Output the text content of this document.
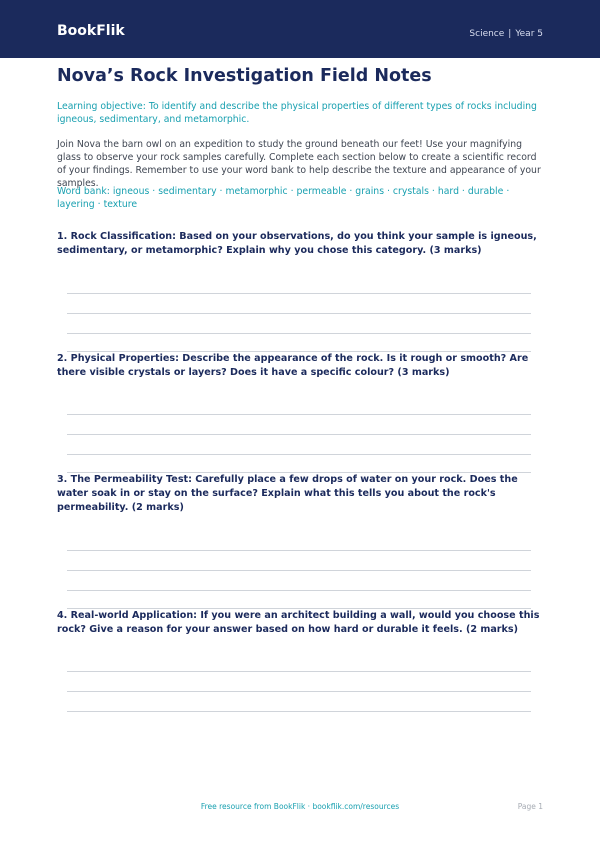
BookFlik	Science | Year 5
Nova’s Rock Investigation Field Notes

Learning objective: To identify and describe the physical properties of different types of rocks including igneous, sedimentary, and metamorphic.

Join Nova the barn owl on an expedition to study the ground beneath our feet! Use your magnifying glass to observe your rock samples carefully. Complete each section below to create a scientific record of your findings. Remember to use your word bank to help describe the texture and appearance of your samples.

Word bank: igneous · sedimentary · metamorphic · permeable · grains · crystals · hard · durable · layering · texture

1. Rock Classification: Based on your observations, do you think your sample is igneous, sedimentary, or metamorphic? Explain why you chose this category. (3 marks)

2. Physical Properties: Describe the appearance of the rock. Is it rough or smooth? Are there visible crystals or layers? Does it have a specific colour? (3 marks)

3. The Permeability Test: Carefully place a few drops of water on your rock. Does the water soak in or stay on the surface? Explain what this tells you about the rock's permeability. (2 marks)

4. Real-world Application: If you were an architect building a wall, would you choose this rock? Give a reason for your answer based on how hard or durable it feels. (2 marks)

Free resource from BookFlik · bookflik.com/resources	Page 1
